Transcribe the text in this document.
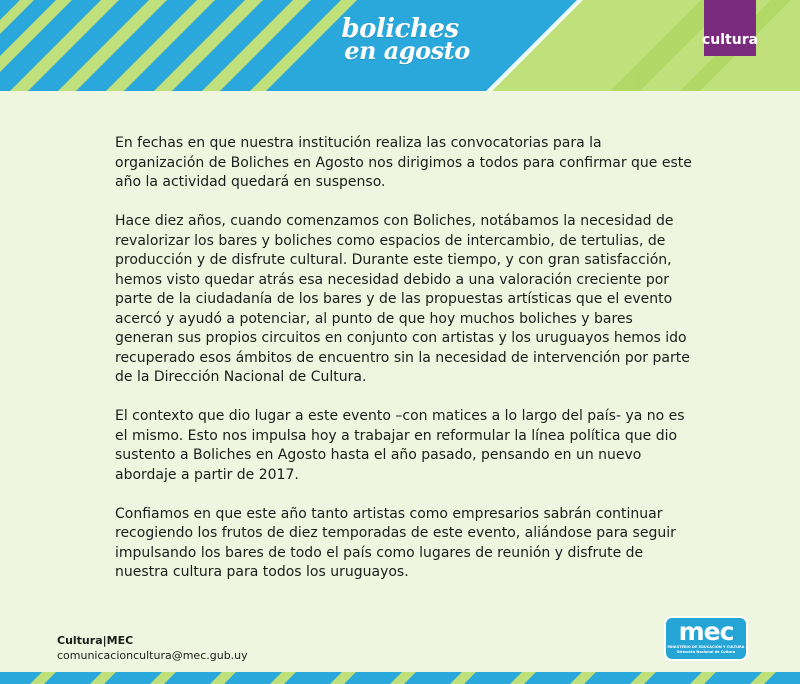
boliches
en agosto	cultura

En fechas en que nuestra institución realiza las convocatorias para la organización de Boliches en Agosto nos dirigimos a todos para confirmar que este año la actividad quedará en suspenso.

Hace diez años, cuando comenzamos con Boliches, notábamos la necesidad de revalorizar los bares y boliches como espacios de intercambio, de tertulias, de producción y de disfrute cultural. Durante este tiempo, y con gran satisfacción, hemos visto quedar atrás esa necesidad debido a una valoración creciente por parte de la ciudadanía de los bares y de las propuestas artísticas que el evento acercó y ayudó a potenciar, al punto de que hoy muchos boliches y bares generan sus propios circuitos en conjunto con artistas y los uruguayos hemos ido recuperado esos ámbitos de encuentro sin la necesidad de intervención por parte de la Dirección Nacional de Cultura.

El contexto que dio lugar a este evento –con matices a lo largo del país- ya no es el mismo. Esto nos impulsa hoy a trabajar en reformular la línea política que dio sustento a Boliches en Agosto hasta el año pasado, pensando en un nuevo abordaje a partir de 2017.

Confiamos en que este año tanto artistas como empresarios sabrán continuar recogiendo los frutos de diez temporadas de este evento, aliándose para seguir impulsando los bares de todo el país como lugares de reunión y disfrute de nuestra cultura para todos los uruguayos.

Cultura|MEC
comunicacioncultura@mec.gub.uy
mec
MINISTERIO DE EDUCACIÓN Y CULTURA
Dirección Nacional de Cultura
